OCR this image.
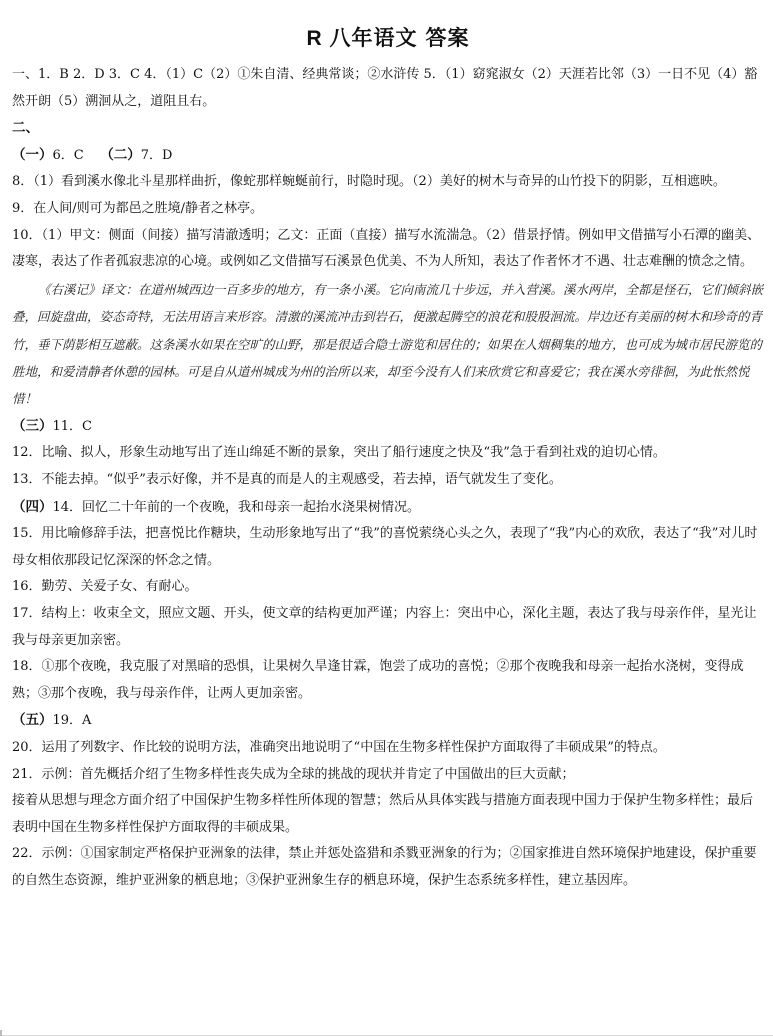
R 八年语文 答案

一、1．B 2．D 3．C 4．（1）C（2）①朱自清、经典常谈；②水浒传 5．（1）窈窕淑女（2）天涯若比邻（3）一日不见（4）豁然开朗（5）溯洄从之，道阻且右。

二、

（一）6．C （二）7．D

8．（1）看到溪水像北斗星那样曲折，像蛇那样蜿蜒前行，时隐时现。（2）美好的树木与奇异的山竹投下的阴影，互相遮映。

9．在人间/则可为都邑之胜境/静者之林亭。

10．（1）甲文：侧面（间接）描写清澈透明；乙文：正面（直接）描写水流湍急。（2）借景抒情。例如甲文借描写小石潭的幽美、凄寒，表达了作者孤寂悲凉的心境。或例如乙文借描写石溪景色优美、不为人所知，表达了作者怀才不遇、壮志难酬的愤念之情。

《右溪记》译文：在道州城西边一百多步的地方，有一条小溪。它向南流几十步远，并入营溪。溪水两岸，全都是怪石，它们倾斜嵌叠，回旋盘曲，姿态奇特，无法用语言来形容。清激的溪流冲击到岩石，便激起腾空的浪花和股股洄流。岸边还有美丽的树木和珍奇的青竹，垂下荫影相互遮蔽。这条溪水如果在空旷的山野，那是很适合隐士游览和居住的；如果在人烟稠集的地方，也可成为城市居民游览的胜地，和爱清静者休憩的园林。可是自从道州城成为州的治所以来，却至今没有人们来欣赏它和喜爱它；我在溪水旁徘徊，为此怅然悦惜！

（三）11．C

12．比喻、拟人，形象生动地写出了连山绵延不断的景象，突出了船行速度之快及“我”急于看到社戏的迫切心情。

13．不能去掉。“似乎”表示好像，并不是真的而是人的主观感受，若去掉，语气就发生了变化。

（四）14．回忆二十年前的一个夜晚，我和母亲一起抬水浇果树情况。

15．用比喻修辞手法，把喜悦比作糖块，生动形象地写出了“我”的喜悦萦绕心头之久，表现了“我”内心的欢欣，表达了“我”对儿时母女相依那段记忆深深的怀念之情。

16．勤劳、关爱子女、有耐心。

17．结构上：收束全文，照应文题、开头，使文章的结构更加严谨；内容上：突出中心，深化主题，表达了我与母亲作伴，星光让我与母亲更加亲密。

18．①那个夜晚，我克服了对黑暗的恐惧，让果树久旱逢甘霖，饱尝了成功的喜悦；②那个夜晚我和母亲一起抬水浇树，变得成熟；③那个夜晚，我与母亲作伴，让两人更加亲密。

（五）19．A

20．运用了列数字、作比较的说明方法，准确突出地说明了“中国在生物多样性保护方面取得了丰硕成果”的特点。

21．示例：首先概括介绍了生物多样性丧失成为全球的挑战的现状并肯定了中国做出的巨大贡献；

接着从思想与理念方面介绍了中国保护生物多样性所体现的智慧；然后从具体实践与措施方面表现中国力于保护生物多样性；最后表明中国在生物多样性保护方面取得的丰硕成果。

22．示例：①国家制定严格保护亚洲象的法律，禁止并惩处盗猎和杀戮亚洲象的行为；②国家推进自然环境保护地建设，保护重要的自然生态资源，维护亚洲象的栖息地；③保护亚洲象生存的栖息环境，保护生态系统多样性，建立基因库。
